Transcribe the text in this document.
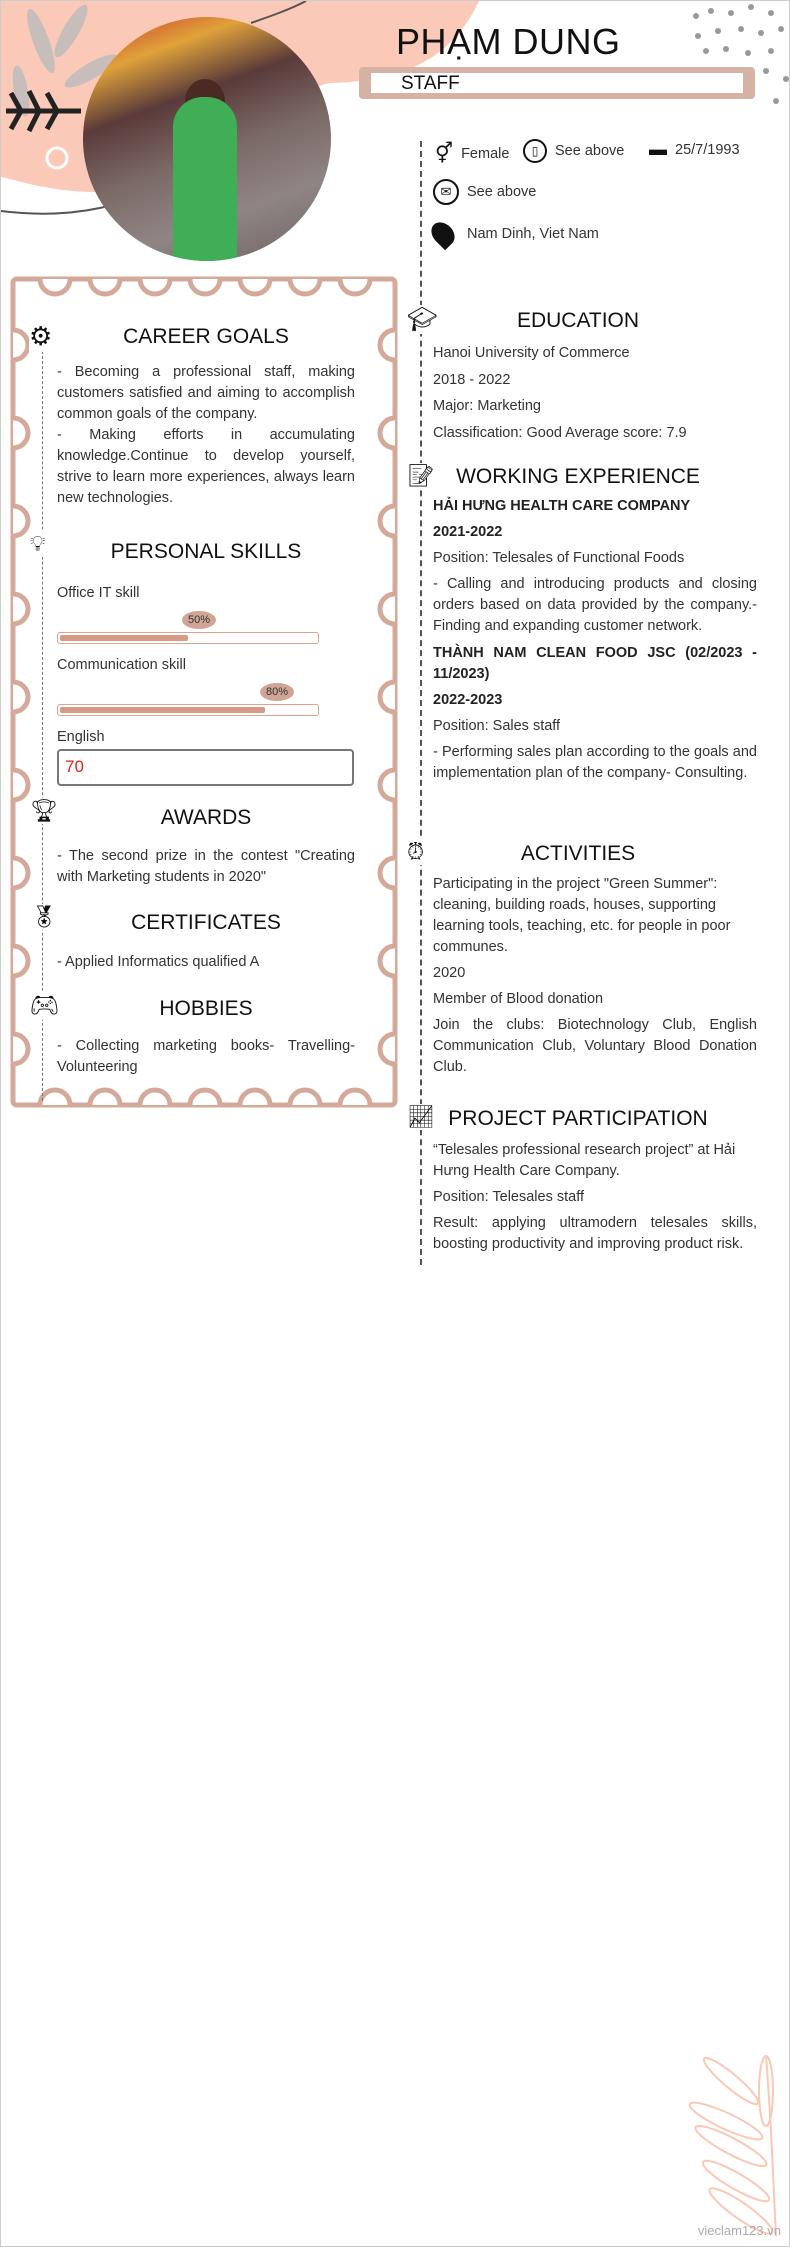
PHẠM DUNG
STAFF
⚥ Female	▯	See above ▬ 25/7/1993
✉	See above
Nam Dinh, Viet Nam
⚙	CAREER GOALS
- Becoming a professional staff, making customers satisfied and aiming to accomplish common goals of the company.
- Making efforts in accumulating knowledge.Continue to develop yourself, strive to learn more experiences, always learn new technologies.
💡︎	PERSONAL SKILLS
Office IT skill
50%
Communication skill
80%
English
70
🏆︎	AWARDS
- The second prize in the contest "Creating with Marketing students in 2020"
🏅︎	CERTIFICATES
- Applied Informatics qualified A
🎮︎	HOBBIES
- Collecting marketing books- Travelling- Volunteering
🎓︎	EDUCATION
Hanoi University of Commerce
2018 - 2022
Major: Marketing
Classification: Good Average score: 7.9
📝︎	WORKING EXPERIENCE
HẢI HƯNG HEALTH CARE COMPANY
2021-2022
Position: Telesales of Functional Foods
- Calling and introducing products and closing orders based on data provided by the company.- Finding and expanding customer network.
THÀNH NAM CLEAN FOOD JSC (02/2023 - 11/2023)
2022-2023
Position: Sales staff
- Performing sales plan according to the goals and implementation plan of the company- Consulting.
⏰︎	ACTIVITIES
Participating in the project "Green Summer": cleaning, building roads, houses, supporting learning tools, teaching, etc. for people in poor communes.
2020
Member of Blood donation
Join the clubs: Biotechnology Club, English Communication Club, Voluntary Blood Donation Club.
📈︎ PROJECT PARTICIPATION
“Telesales professional research project” at Hải Hưng Health Care Company.
Position: Telesales staff
Result: applying ultramodern telesales skills, boosting productivity and improving product risk.
vieclam123.vn
